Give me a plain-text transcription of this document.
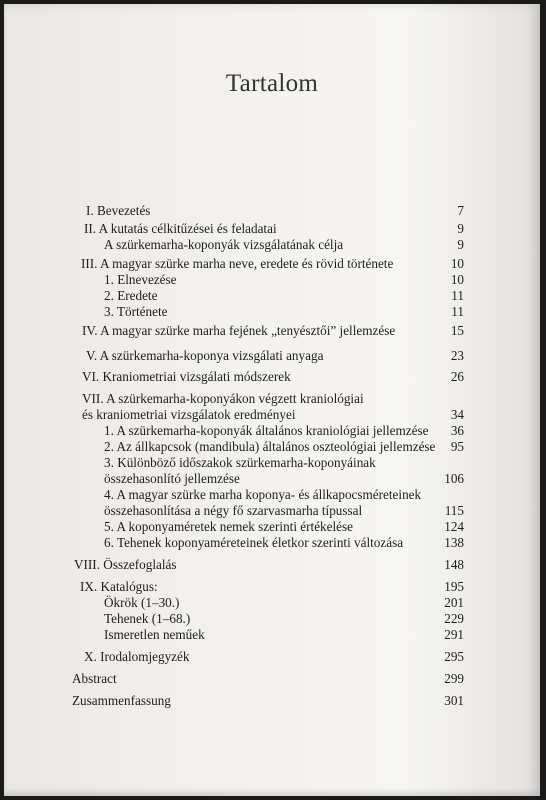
Tartalom
I. Bevezetés	7
II. A kutatás célkitűzései és feladatai	9
A szürkemarha-koponyák vizsgálatának célja	9
III. A magyar szürke marha neve, eredete és rövid története	10
1. Elnevezése	10
2. Eredete	11
3. Története	11
IV. A magyar szürke marha fejének „tenyésztői” jellemzése	15
V. A szürkemarha-koponya vizsgálati anyaga	23
VI. Kraniometriai vizsgálati módszerek	26
VII. A szürkemarha-koponyákon végzett kraniológiai
és kraniometriai vizsgálatok eredményei	34
1. A szürkemarha-koponyák általános kraniológiai jellemzése 36
2. Az állkapcsok (mandibula) általános oszteológiai jellemzése 95
3. Különböző időszakok szürkemarha-koponyáinak
összehasonlító jellemzése	106
4. A magyar szürke marha koponya- és állkapocsméreteinek
összehasonlítása a négy fő szarvasmarha típussal	115
5. A koponyaméretek nemek szerinti értékelése	124
6. Tehenek koponyaméreteinek életkor szerinti változása	138
VIII. Összefoglalás	148
IX. Katalógus:	195
Ökrök (1–30.)	201
Tehenek (1–68.)	229
Ismeretlen neműek	291
X. Irodalomjegyzék	295
Abstract	299
Zusammenfassung	301
